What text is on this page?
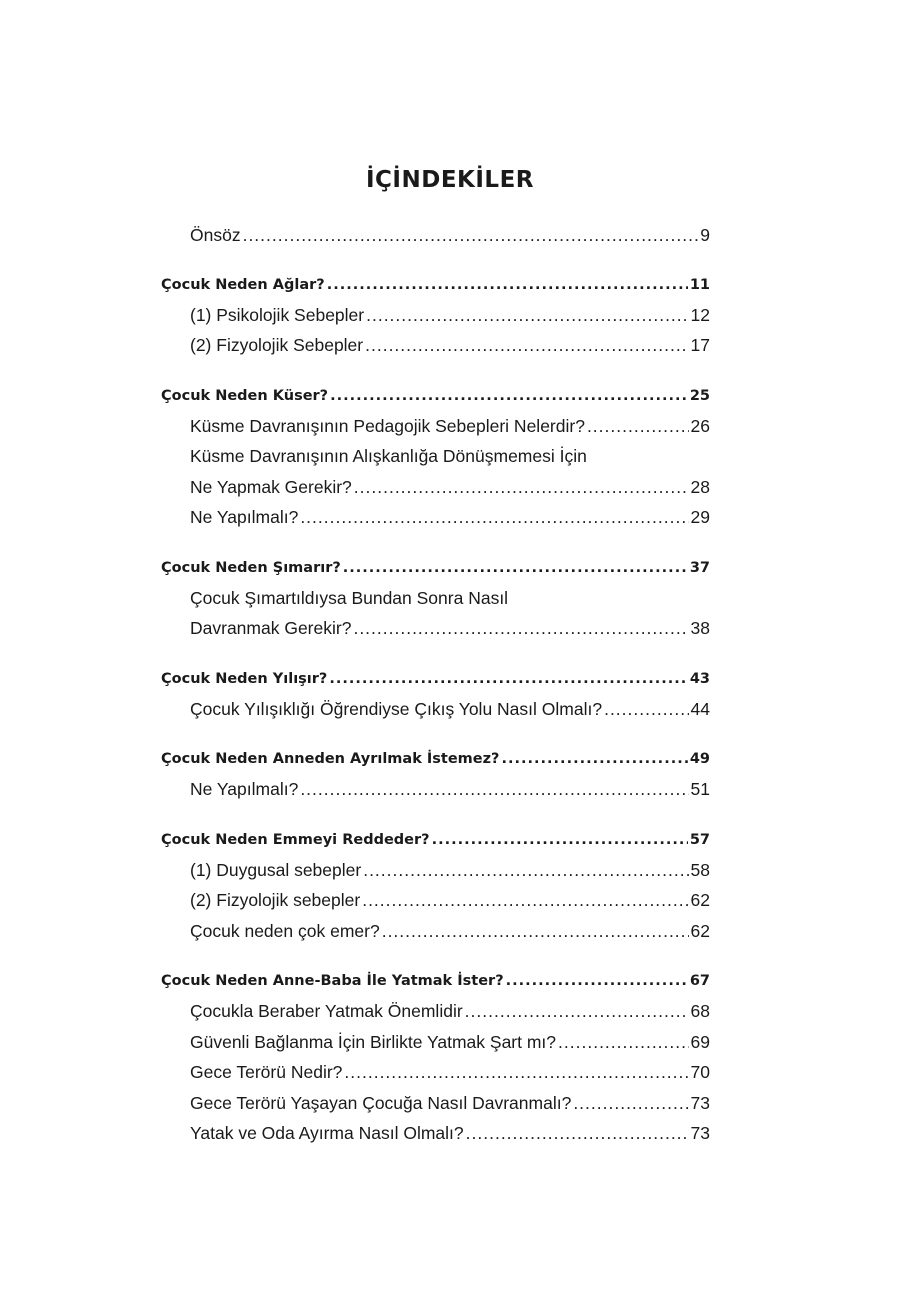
İÇİNDEKİLER
Önsöz .....	9
Çocuk Neden Ağlar? .....	11
(1) Psikolojik Sebepler .....	12
(2) Fizyolojik Sebepler .....	17
Çocuk Neden Küser? .....	25
Küsme Davranışının Pedagojik Sebepleri Nelerdir? .....	26
Küsme Davranışının Alışkanlığa Dönüşmemesi İçin
Ne Yapmak Gerekir? .....	28
Ne Yapılmalı? .....	29
Çocuk Neden Şımarır? .....	37
Çocuk Şımartıldıysa Bundan Sonra Nasıl
Davranmak Gerekir? .....	38
Çocuk Neden Yılışır? .....	43
Çocuk Yılışıklığı Öğrendiyse Çıkış Yolu Nasıl Olmalı? .....	44
Çocuk Neden Anneden Ayrılmak İstemez? .....	49
Ne Yapılmalı? .....	51
Çocuk Neden Emmeyi Reddeder? .....	57
(1) Duygusal sebepler .....	58
(2) Fizyolojik sebepler .....	62
Çocuk neden çok emer? .....	62
Çocuk Neden Anne-Baba İle Yatmak İster? .....	67
Çocukla Beraber Yatmak Önemlidir .....	68
Güvenli Bağlanma İçin Birlikte Yatmak Şart mı? .....	69
Gece Terörü Nedir? .....	70
Gece Terörü Yaşayan Çocuğa Nasıl Davranmalı? .....	73
Yatak ve Oda Ayırma Nasıl Olmalı? .....	73
